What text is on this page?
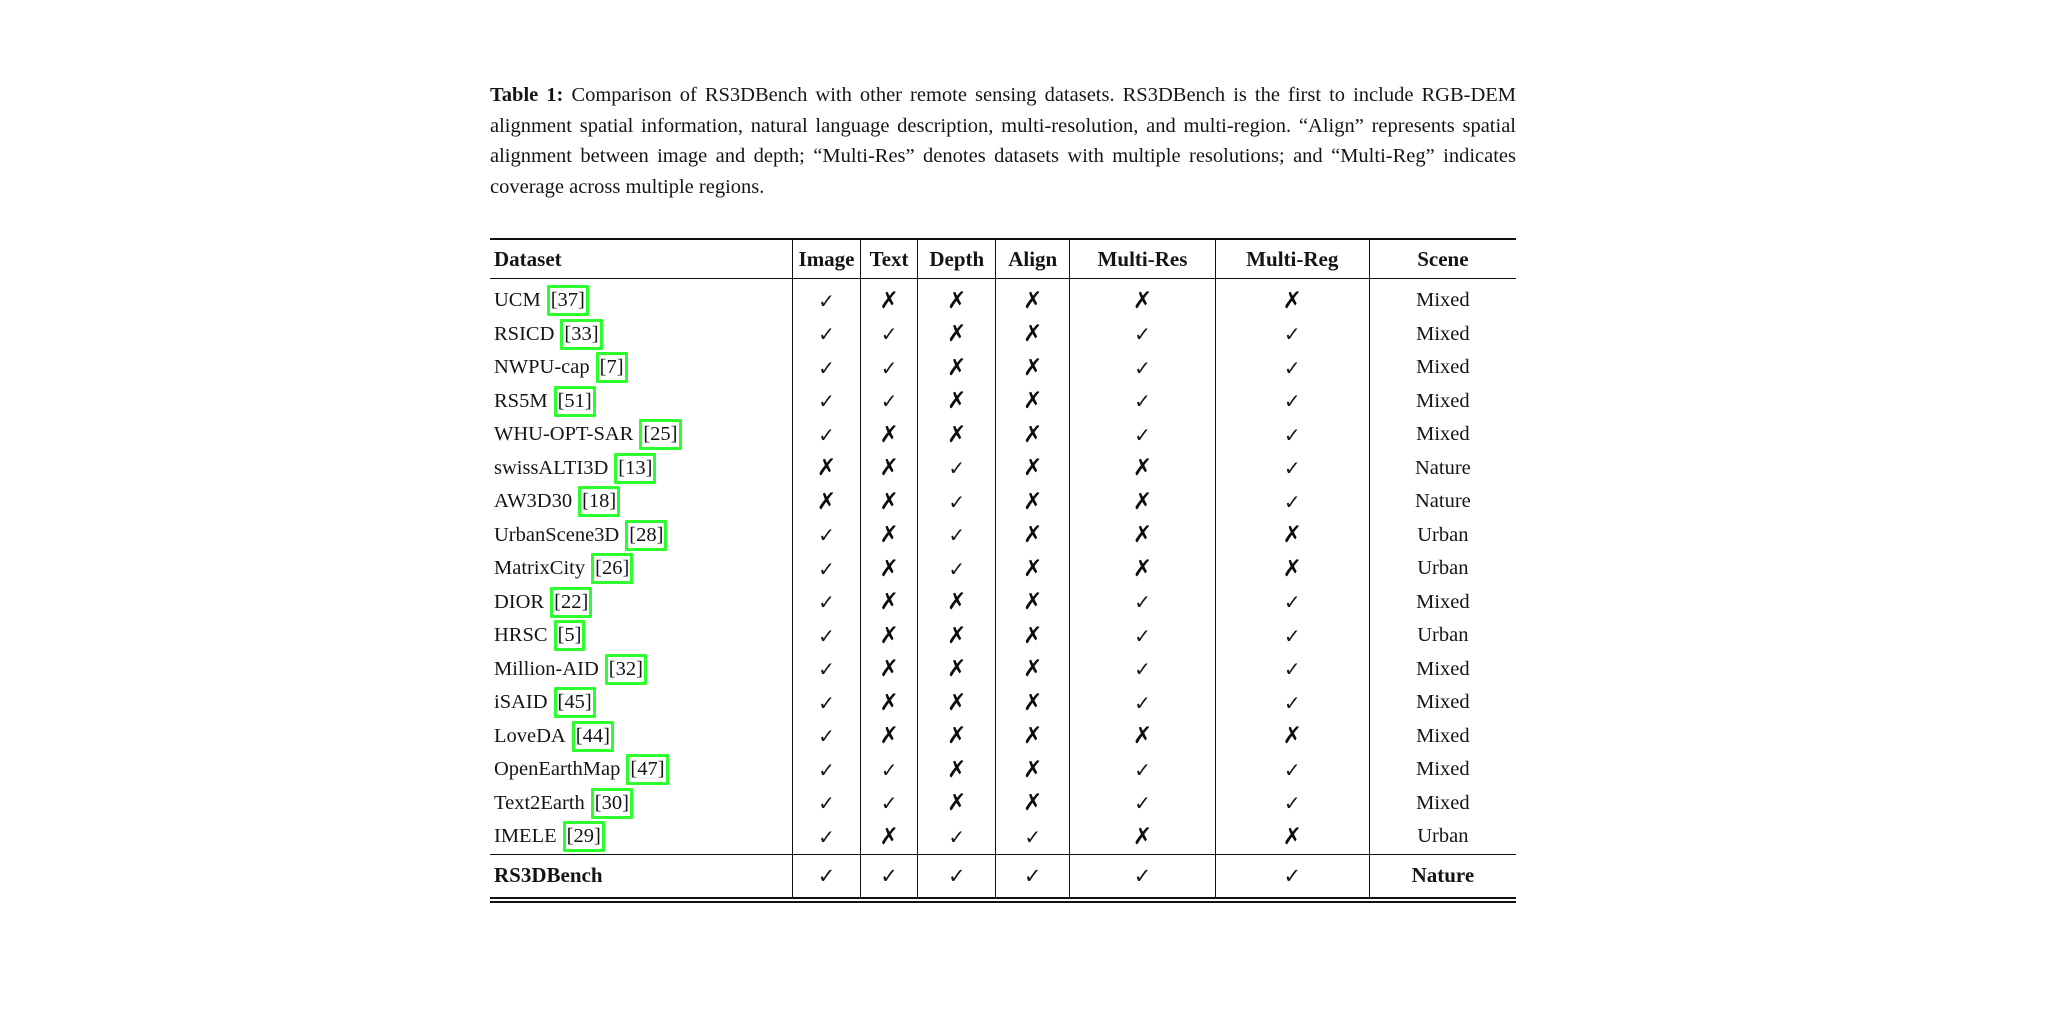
Table 1: Comparison of RS3DBench with other remote sensing datasets. RS3DBench is the first to include RGB-DEM alignment spatial information, natural language description, multi-resolution, and multi-region. “Align” represents spatial alignment between image and depth; “Multi-Res” denotes datasets with multiple resolutions; and “Multi-Reg” indicates coverage across multiple regions.

Dataset	Image	Text	Depth	Align	Multi-Res	Multi-Reg	Scene
UCM [37]	✓	✗	✗	✗	✗	✗	Mixed
RSICD [33]	✓	✓	✗	✗	✓	✓	Mixed
NWPU-cap [7]	✓	✓	✗	✗	✓	✓	Mixed
RS5M [51]	✓	✓	✗	✗	✓	✓	Mixed
WHU-OPT-SAR [25]	✓	✗	✗	✗	✓	✓	Mixed
swissALTI3D [13]	✗	✗	✓	✗	✗	✓	Nature
AW3D30 [18]	✗	✗	✓	✗	✗	✓	Nature
UrbanScene3D [28]	✓	✗	✓	✗	✗	✗	Urban
MatrixCity [26]	✓	✗	✓	✗	✗	✗	Urban
DIOR [22]	✓	✗	✗	✗	✓	✓	Mixed
HRSC [5]	✓	✗	✗	✗	✓	✓	Urban
Million-AID [32]	✓	✗	✗	✗	✓	✓	Mixed
iSAID [45]	✓	✗	✗	✗	✓	✓	Mixed
LoveDA [44]	✓	✗	✗	✗	✗	✗	Mixed
OpenEarthMap [47]	✓	✓	✗	✗	✓	✓	Mixed
Text2Earth [30]	✓	✓	✗	✗	✓	✓	Mixed
IMELE [29]	✓	✗	✓	✓	✗	✗	Urban
RS3DBench	✓	✓	✓	✓	✓	✓	Nature
